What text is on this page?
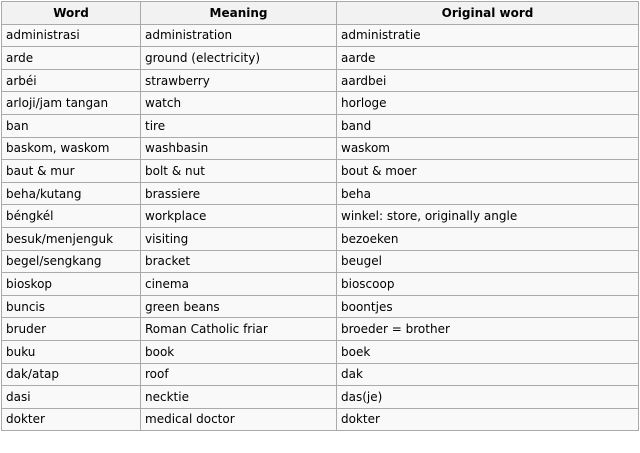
Word	Meaning	Original word
administrasi	administration	administratie
arde	ground (electricity)	aarde
arbéi	strawberry	aardbei
arloji/jam tangan	watch	horloge
ban	tire	band
baskom, waskom	washbasin	waskom
baut & mur	bolt & nut	bout & moer
beha/kutang	brassiere	beha
béngkél	workplace	winkel: store, originally angle
besuk/menjenguk	visiting	bezoeken
begel/sengkang	bracket	beugel
bioskop	cinema	bioscoop
buncis	green beans	boontjes
bruder	Roman Catholic friar	broeder = brother
buku	book	boek
dak/atap	roof	dak
dasi	necktie	das(je)
dokter	medical doctor	dokter
